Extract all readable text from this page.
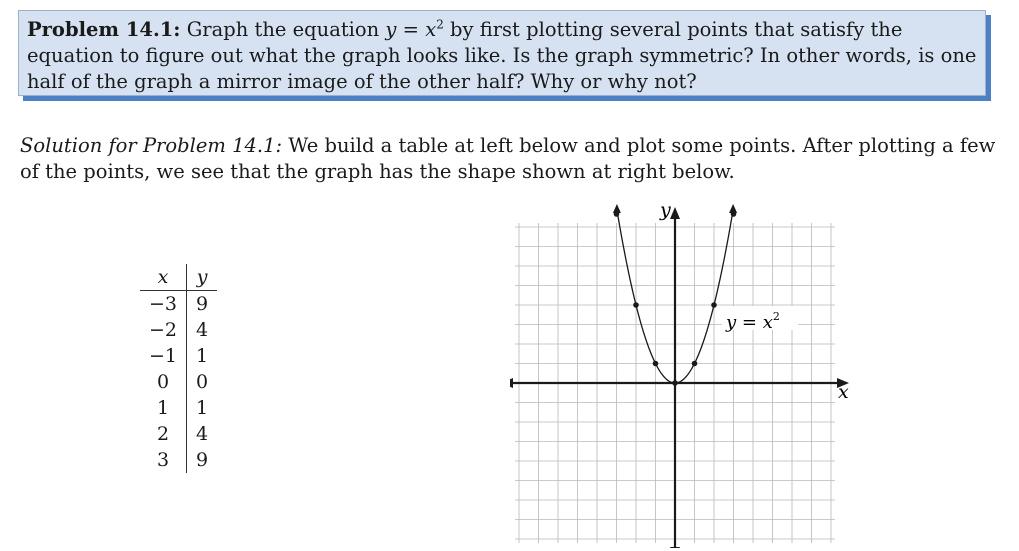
Problem 14.1: Graph the equation $y = x^2$ by first plotting several points that satisfy the equation to figure out what the graph looks like. Is the graph symmetric? In other words, is one half of the graph a mirror image of the other half? Why or why not?
Solution for Problem 14.1: We build a table at left below and plot some points. After plotting a few of the points, we see that the graph has the shape shown at right below.
x	y
−3	9
−2	4
−1	1
0	0
1	1
2	4
3	9
y
x
$y = x^2$
